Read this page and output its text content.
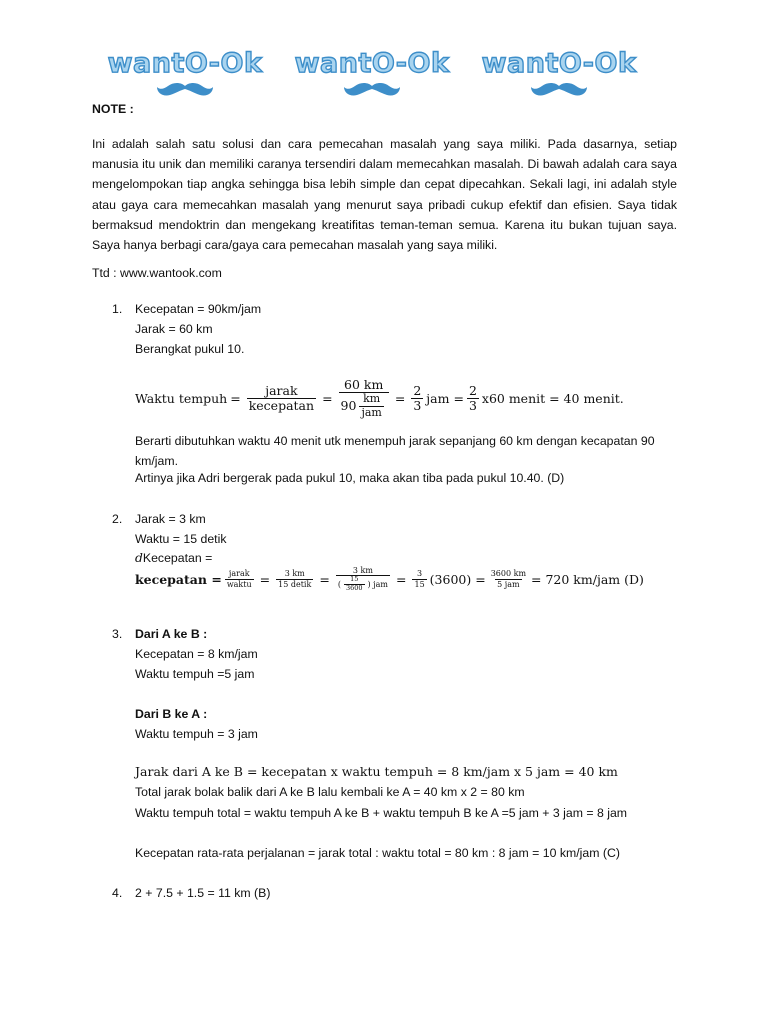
wantO-Ok	wantO-Ok	wantO-Ok
NOTE :

Ini adalah salah satu solusi dan cara pemecahan masalah yang saya miliki. Pada dasarnya, setiap manusia itu unik dan memiliki caranya tersendiri dalam memecahkan masalah. Di bawah adalah cara saya mengelompokan tiap angka sehingga bisa lebih simple dan cepat dipecahkan. Sekali lagi, ini adalah style atau gaya cara memecahkan masalah yang menurut saya pribadi cukup efektif dan efisien. Saya tidak bermaksud mendoktrin dan mengekang kreatifitas teman-teman semua. Karena itu bukan tujuan saya. Saya hanya berbagi cara/gaya cara pemecahan masalah yang saya miliki.

Ttd : www.wantook.com
1. Kecepatan = 90km/jam
Jarak = 60 km
Berangkat pukul 10.
Waktu tempuh = $\frac{\text{jarak}}{\text{kecepatan}} = \frac{60 km}{90 \frac{km}{\text{jam}}} = \frac{2}{3}$ jam = $\frac{2}{3} x60$ menit = 40 menit.
Berarti dibutuhkan waktu 40 menit utk menempuh jarak sepanjang 60 km dengan kecapatan 90 km/jam.
Artinya jika Adri bergerak pada pukul 10, maka akan tiba pada pukul 10.40. (D)
2. Jarak = 3 km
Waktu = 15 detik
dKecepatan =
kecepatan = $\frac{\text{jarak}}{\text{waktu}} = \frac{3 km}{\text{15 detik}}$ =
3 km
( $\frac{15}{3600}$ ) jam = $\frac{3}{15} (3600) = \frac{3600 km}{\text{5 jam}} = 720$ km/jam (D)
3. Dari A ke B :
Kecepatan = 8 km/jam
Waktu tempuh =5 jam
Dari B ke A :
Waktu tempuh = 3 jam
Jarak dari A ke B = kecepatan x waktu tempuh = 8 km/jam x 5 jam = 40 km
Total jarak bolak balik dari A ke B lalu kembali ke A = 40 km x 2 = 80 km
Waktu tempuh total = waktu tempuh A ke B + waktu tempuh B ke A =5 jam + 3 jam = 8 jam
Kecepatan rata-rata perjalanan = jarak total : waktu total = 80 km : 8 jam = 10 km/jam (C)
4. 2 + 7.5 + 1.5 = 11 km (B)
